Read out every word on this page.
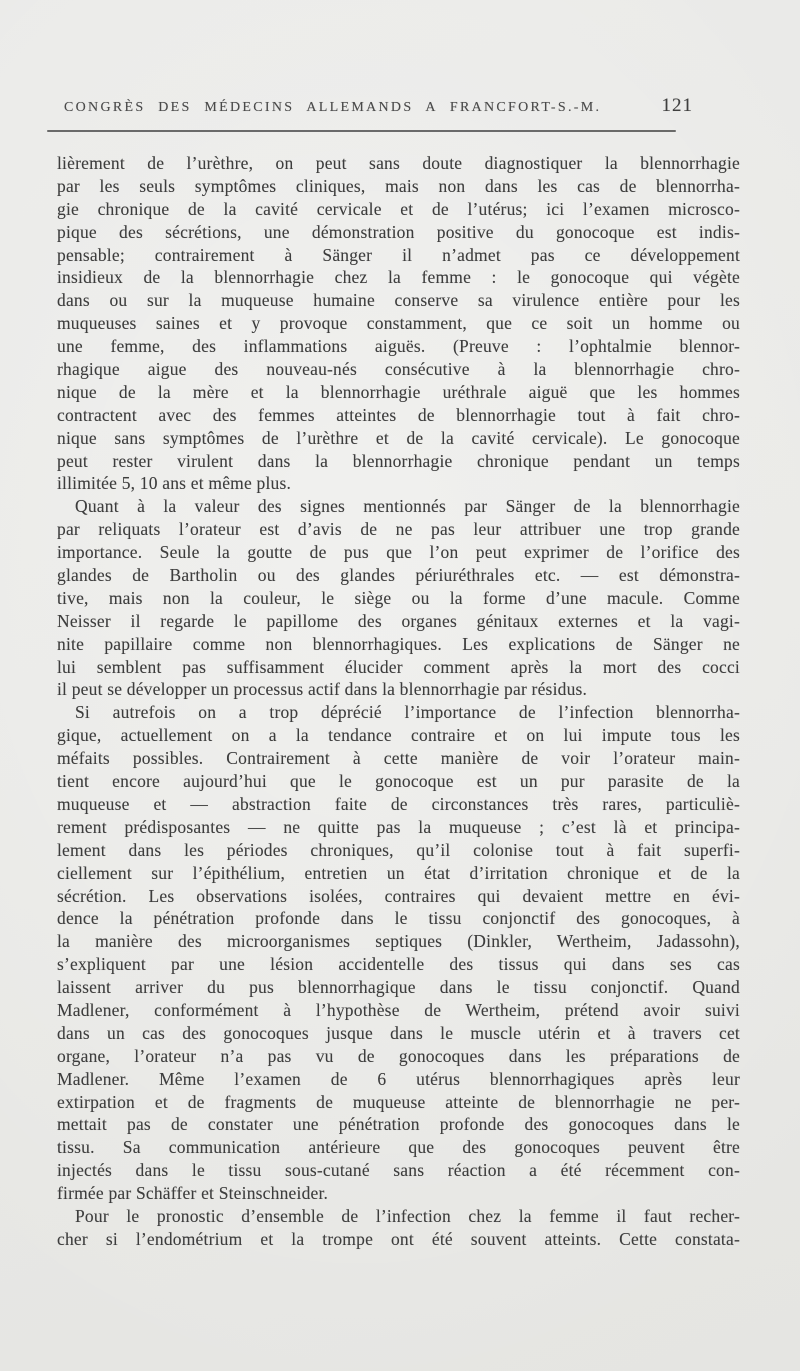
CONGRÈS DES MÉDECINS ALLEMANDS A FRANCFORT-S.-M.	121
lièrement de l’urèthre, on peut sans doute diagnostiquer la blennorrhagie
par les seuls symptômes cliniques, mais non dans les cas de blennorrha-
gie chronique de la cavité cervicale et de l’utérus; ici l’examen microsco-
pique des sécrétions, une démonstration positive du gonocoque est indis-
pensable; contrairement à Sänger il n’admet pas ce développement
insidieux de la blennorrhagie chez la femme : le gonocoque qui végète
dans ou sur la muqueuse humaine conserve sa virulence entière pour les
muqueuses saines et y provoque constamment, que ce soit un homme ou
une femme, des inflammations aiguës. (Preuve : l’ophtalmie blennor-
rhagique aigue des nouveau-nés consécutive à la blennorrhagie chro-
nique de la mère et la blennorrhagie uréthrale aiguë que les hommes
contractent avec des femmes atteintes de blennorrhagie tout à fait chro-
nique sans symptômes de l’urèthre et de la cavité cervicale). Le gonocoque
peut rester virulent dans la blennorrhagie chronique pendant un temps
illimitée 5, 10 ans et même plus.
Quant à la valeur des signes mentionnés par Sänger de la blennorrhagie
par reliquats l’orateur est d’avis de ne pas leur attribuer une trop grande
importance. Seule la goutte de pus que l’on peut exprimer de l’orifice des
glandes de Bartholin ou des glandes périuréthrales etc. — est démonstra-
tive, mais non la couleur, le siège ou la forme d’une macule. Comme
Neisser il regarde le papillome des organes génitaux externes et la vagi-
nite papillaire comme non blennorrhagiques. Les explications de Sänger ne
lui semblent pas suffisamment élucider comment après la mort des cocci
il peut se développer un processus actif dans la blennorrhagie par résidus.
Si autrefois on a trop déprécié l’importance de l’infection blennorrha-
gique, actuellement on a la tendance contraire et on lui impute tous les
méfaits possibles. Contrairement à cette manière de voir l’orateur main-
tient encore aujourd’hui que le gonocoque est un pur parasite de la
muqueuse et — abstraction faite de circonstances très rares, particuliè-
rement prédisposantes — ne quitte pas la muqueuse ; c’est là et principa-
lement dans les périodes chroniques, qu’il colonise tout à fait superfi-
ciellement sur l’épithélium, entretien un état d’irritation chronique et de la
sécrétion. Les observations isolées, contraires qui devaient mettre en évi-
dence la pénétration profonde dans le tissu conjonctif des gonocoques, à
la manière des microorganismes septiques (Dinkler, Wertheim, Jadassohn),
s’expliquent par une lésion accidentelle des tissus qui dans ses cas
laissent arriver du pus blennorrhagique dans le tissu conjonctif. Quand
Madlener, conformément à l’hypothèse de Wertheim, prétend avoir suivi
dans un cas des gonocoques jusque dans le muscle utérin et à travers cet
organe, l’orateur n’a pas vu de gonocoques dans les préparations de
Madlener. Même l’examen de 6 utérus blennorrhagiques après leur
extirpation et de fragments de muqueuse atteinte de blennorrhagie ne per-
mettait pas de constater une pénétration profonde des gonocoques dans le
tissu. Sa communication antérieure que des gonocoques peuvent être
injectés dans le tissu sous-cutané sans réaction a été récemment con-
firmée par Schäffer et Steinschneider.
Pour le pronostic d’ensemble de l’infection chez la femme il faut recher-
cher si l’endométrium et la trompe ont été souvent atteints. Cette constata-
